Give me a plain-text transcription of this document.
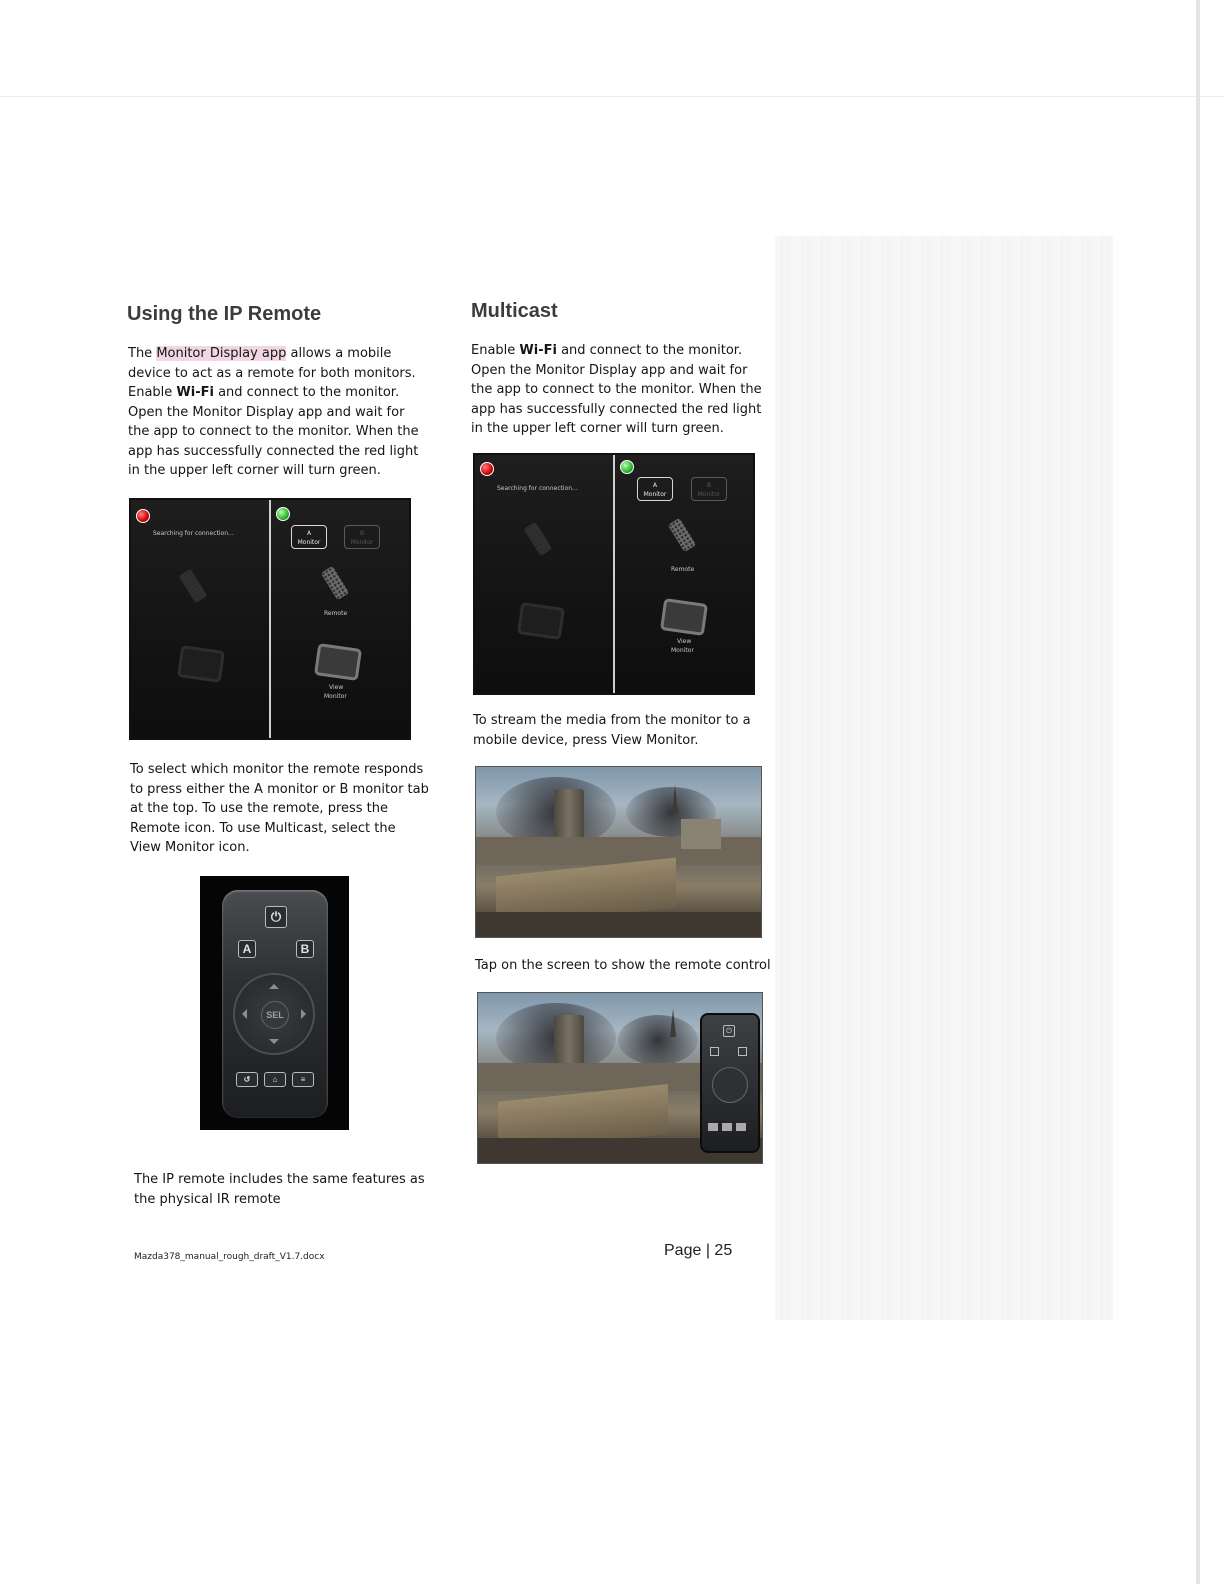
Using the IP Remote
The Monitor Display app allows a mobile
device to act as a remote for both monitors.
Enable Wi-Fi and connect to the monitor.
Open the Monitor Display app and wait for
the app to connect to the monitor. When the
app has successfully connected the red light
in the upper left corner will turn green.
Searching for connection...	A
Monitor
B
Monitor
Remote
View
Monitor
To select which monitor the remote responds
to press either the A monitor or B monitor tab
at the top. To use the remote, press the
Remote icon. To use Multicast, select the
View Monitor icon.
⏻
A	B
SEL
↺	⌂	≡
The IP remote includes the same features as
the physical IR remote
Multicast
Enable Wi-Fi and connect to the monitor.
Open the Monitor Display app and wait for
the app to connect to the monitor. When the
app has successfully connected the red light
in the upper left corner will turn green.
Searching for connection...	A
Monitor
B
Monitor
Remote
View
Monitor
To stream the media from the monitor to a
mobile device, press View Monitor.
Tap on the screen to show the remote control
⏻
Mazda378_manual_rough_draft_V1.7.docx	Page | 25
